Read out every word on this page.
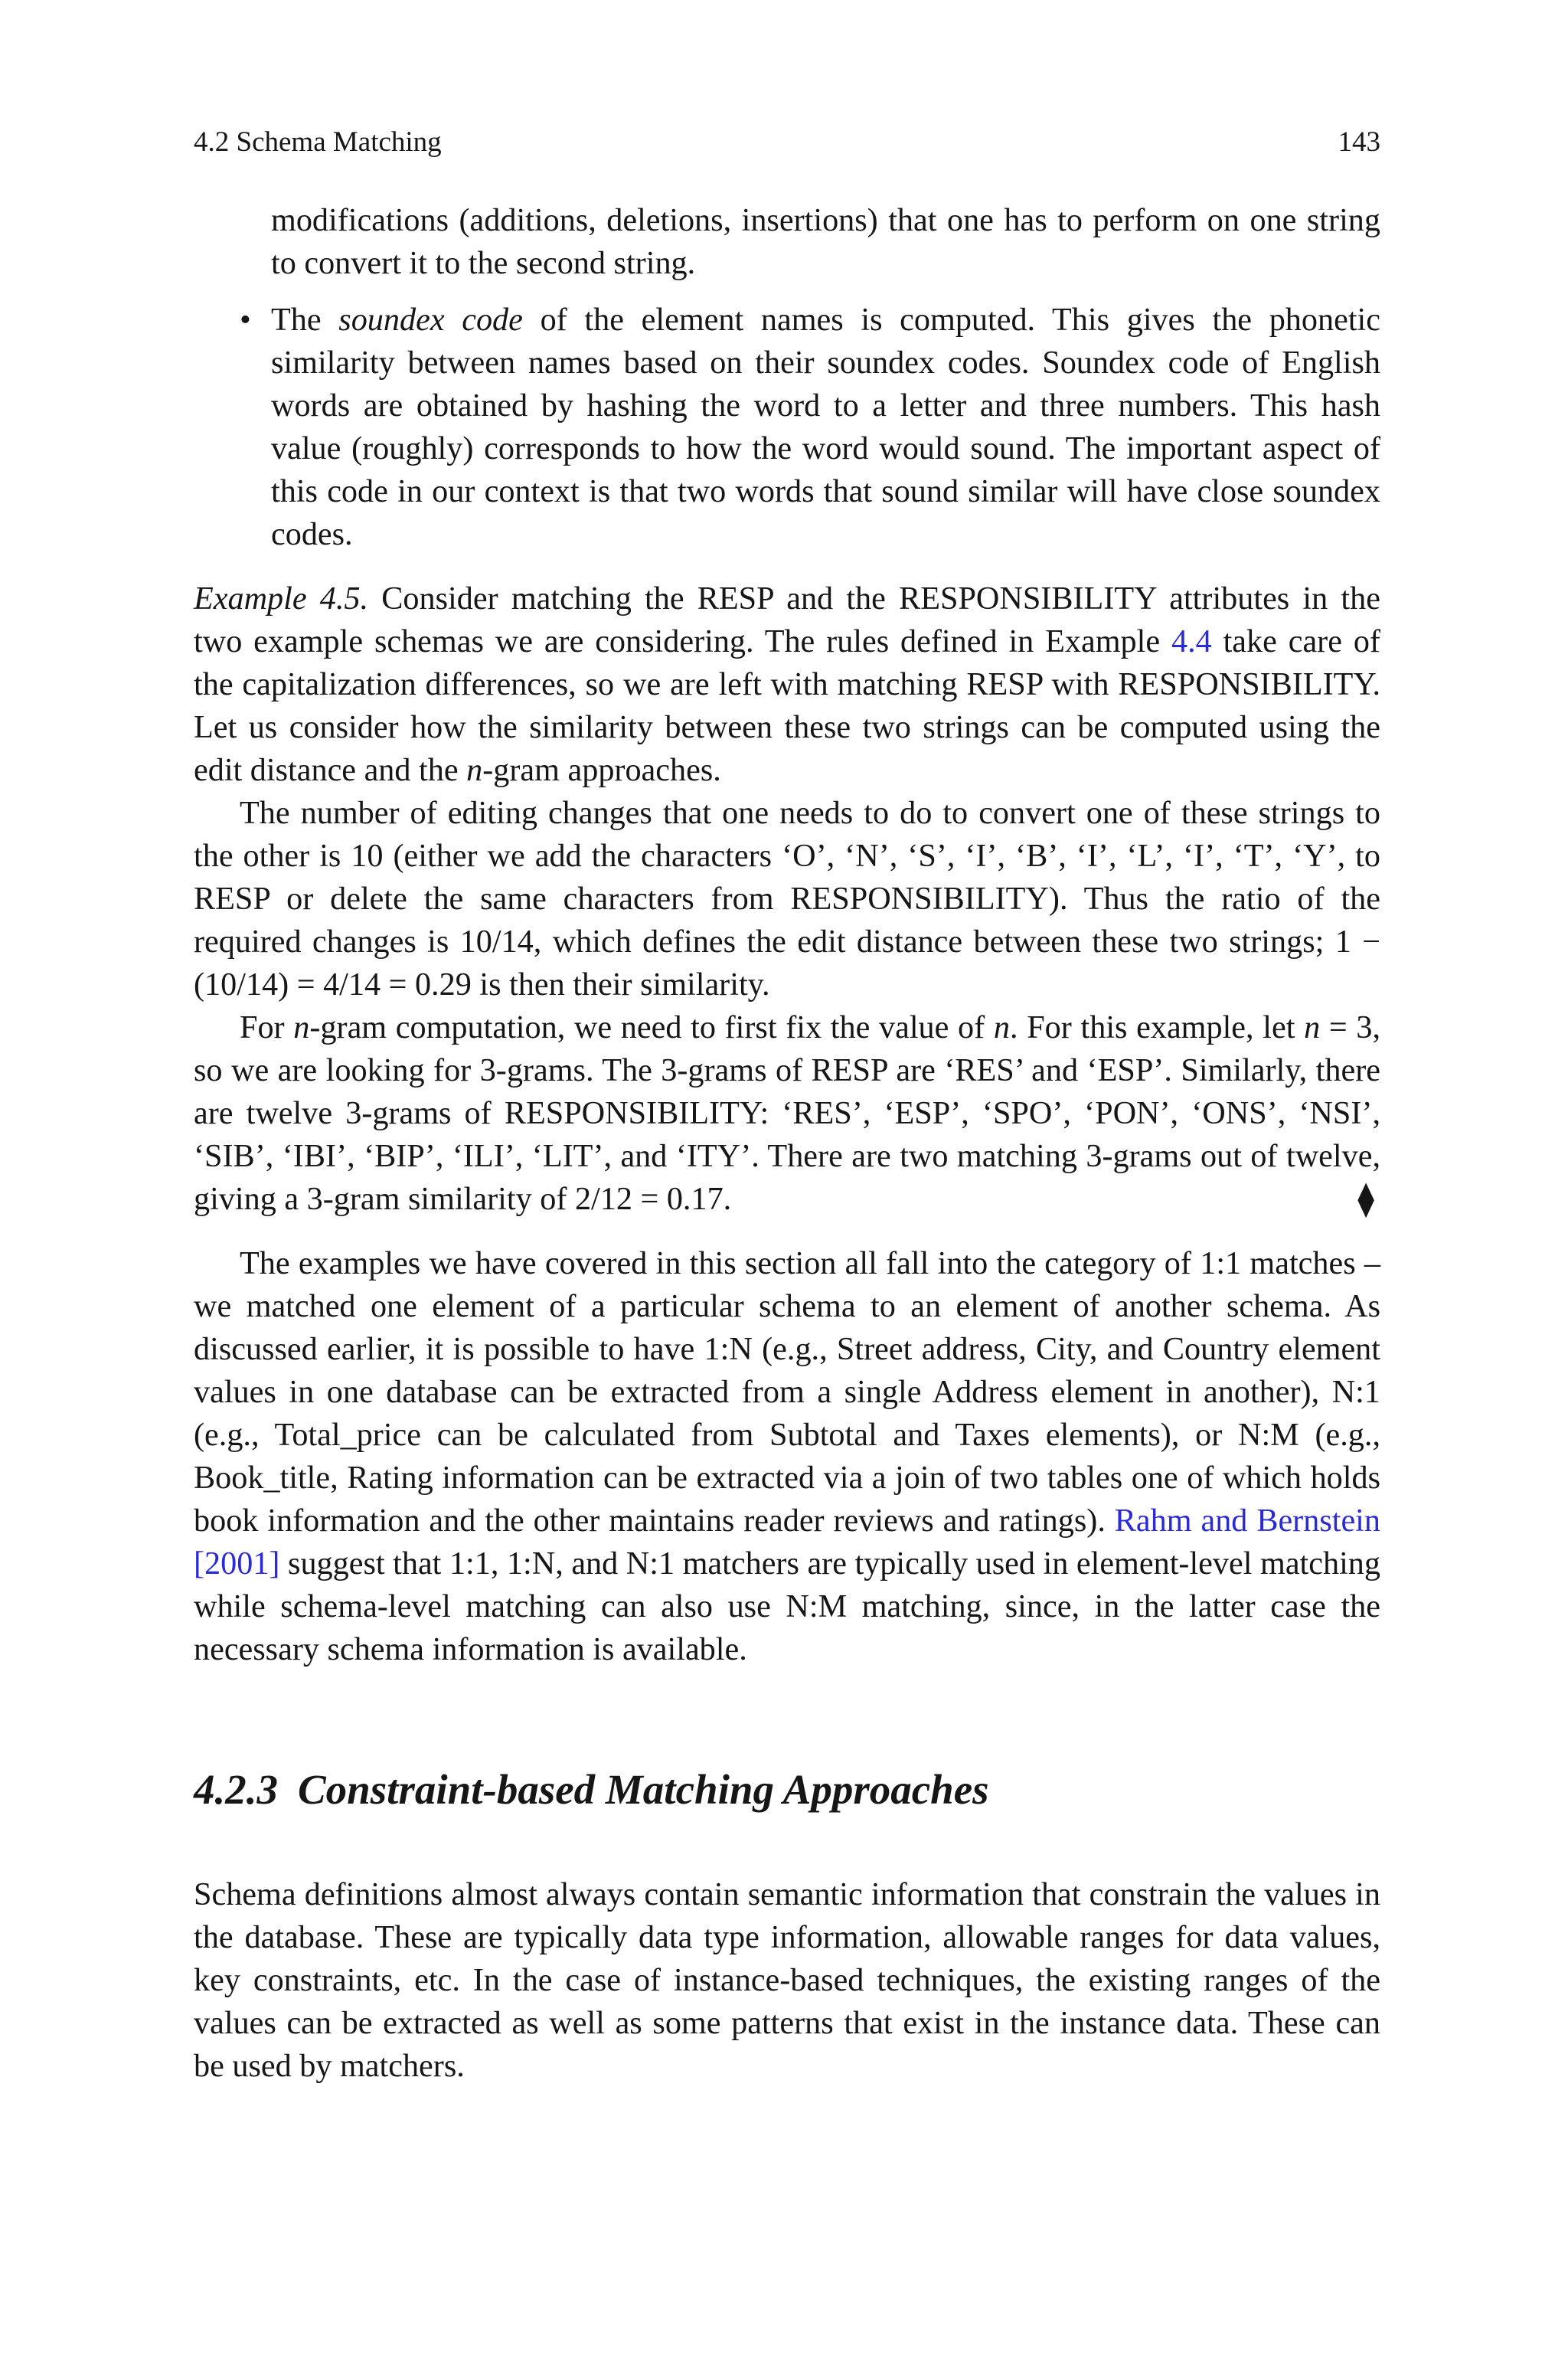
4.2 Schema Matching	143

modifications (additions, deletions, insertions) that one has to perform on one string to convert it to the second string.

• The soundex code of the element names is computed. This gives the phonetic similarity between names based on their soundex codes. Soundex code of English words are obtained by hashing the word to a letter and three numbers. This hash value (roughly) corresponds to how the word would sound. The important aspect of this code in our context is that two words that sound similar will have close soundex codes.

Example 4.5. Consider matching the RESP and the RESPONSIBILITY attributes in the two example schemas we are considering. The rules defined in Example 4.4 take care of the capitalization differences, so we are left with matching RESP with RESPONSIBILITY. Let us consider how the similarity between these two strings can be computed using the edit distance and the n-gram approaches.

The number of editing changes that one needs to do to convert one of these strings to the other is 10 (either we add the characters ‘O’, ‘N’, ‘S’, ‘I’, ‘B’, ‘I’, ‘L’, ‘I’, ‘T’, ‘Y’, to RESP or delete the same characters from RESPONSIBILITY). Thus the ratio of the required changes is 10/14, which defines the edit distance between these two strings; 1 − (10/14) = 4/14 = 0.29 is then their similarity.

For n-gram computation, we need to first fix the value of n. For this example, let n = 3, so we are looking for 3-grams. The 3-grams of RESP are ‘RES’ and ‘ESP’. Similarly, there are twelve 3-grams of RESPONSIBILITY: ‘RES’, ‘ESP’, ‘SPO’, ‘PON’, ‘ONS’, ‘NSI’, ‘SIB’, ‘IBI’, ‘BIP’, ‘ILI’, ‘LIT’, and ‘ITY’. There are two matching 3-grams out of twelve, giving a 3-gram similarity of 2/12 = 0.17.	⧫

The examples we have covered in this section all fall into the category of 1:1 matches – we matched one element of a particular schema to an element of another schema. As discussed earlier, it is possible to have 1:N (e.g., Street address, City, and Country element values in one database can be extracted from a single Address element in another), N:1 (e.g., Total_price can be calculated from Subtotal and Taxes elements), or N:M (e.g., Book_title, Rating information can be extracted via a join of two tables one of which holds book information and the other maintains reader reviews and ratings). Rahm and Bernstein [2001] suggest that 1:1, 1:N, and N:1 matchers are typically used in element-level matching while schema-level matching can also use N:M matching, since, in the latter case the necessary schema information is available.

4.2.3 Constraint-based Matching Approaches

Schema definitions almost always contain semantic information that constrain the values in the database. These are typically data type information, allowable ranges for data values, key constraints, etc. In the case of instance-based techniques, the existing ranges of the values can be extracted as well as some patterns that exist in the instance data. These can be used by matchers.
